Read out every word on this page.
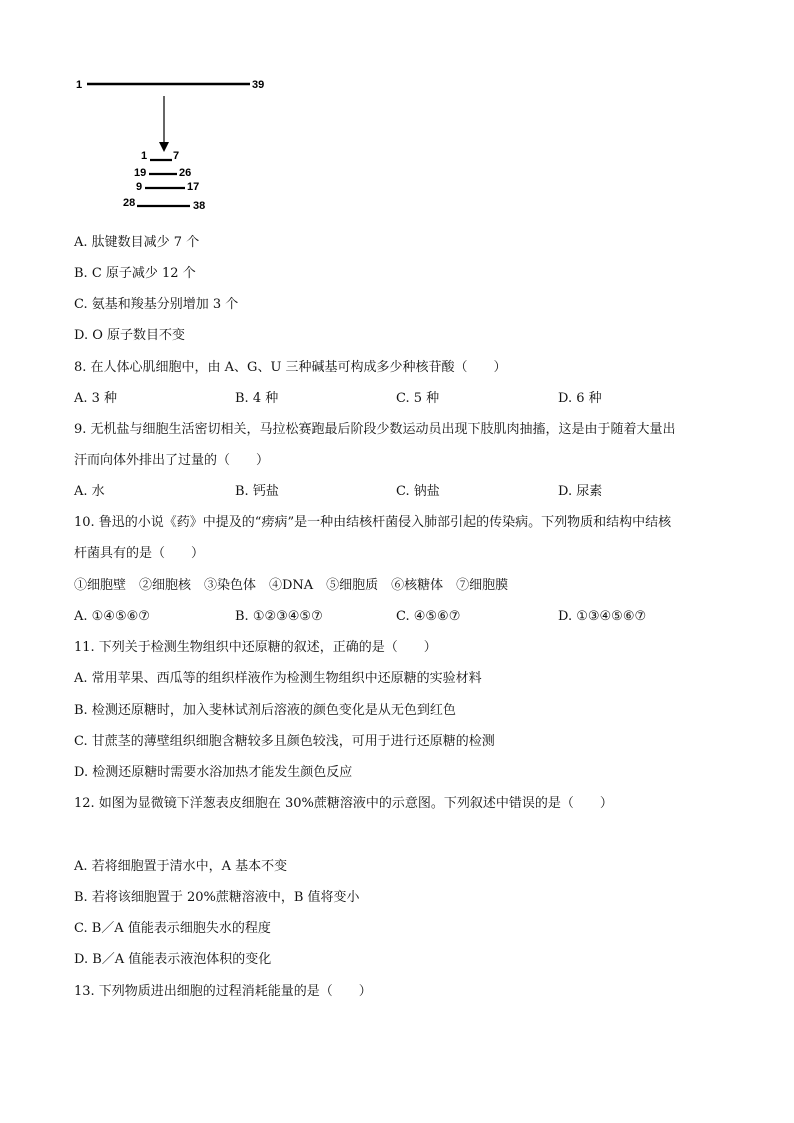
1	39
1 7
19	26
9	17
28	38
A. 肽键数目减少 7 个
B. C 原子减少 12 个
C. 氨基和羧基分别增加 3 个
D. O 原子数目不变
8. 在人体心肌细胞中，由 A、G、U 三种碱基可构成多少种核苷酸（　　）
A. 3 种	B. 4 种	C. 5 种	D. 6 种
9. 无机盐与细胞生活密切相关，马拉松赛跑最后阶段少数运动员出现下肢肌肉抽搐，这是由于随着大量出
汗而向体外排出了过量的（　　）
A. 水	B. 钙盐	C. 钠盐	D. 尿素
10. 鲁迅的小说《药》中提及的“痨病”是一种由结核杆菌侵入肺部引起的传染病。下列物质和结构中结核
杆菌具有的是（　　）
①细胞壁　②细胞核　③染色体　④DNA　⑤细胞质　⑥核糖体　⑦细胞膜
A. ①④⑤⑥⑦	B. ①②③④⑤⑦	C. ④⑤⑥⑦	D. ①③④⑤⑥⑦
11. 下列关于检测生物组织中还原糖的叙述，正确的是（　　）
A. 常用苹果、西瓜等的组织样液作为检测生物组织中还原糖的实验材料
B. 检测还原糖时，加入斐林试剂后溶液的颜色变化是从无色到红色
C. 甘蔗茎的薄壁组织细胞含糖较多且颜色较浅，可用于进行还原糖的检测
D. 检测还原糖时需要水浴加热才能发生颜色反应
12. 如图为显微镜下洋葱表皮细胞在 30%蔗糖溶液中的示意图。下列叙述中错误的是（　　）
A. 若将细胞置于清水中，A 基本不变
B. 若将该细胞置于 20%蔗糖溶液中，B 值将变小
C. B／A 值能表示细胞失水的程度
D. B／A 值能表示液泡体积的变化
13. 下列物质进出细胞的过程消耗能量的是（　　）
